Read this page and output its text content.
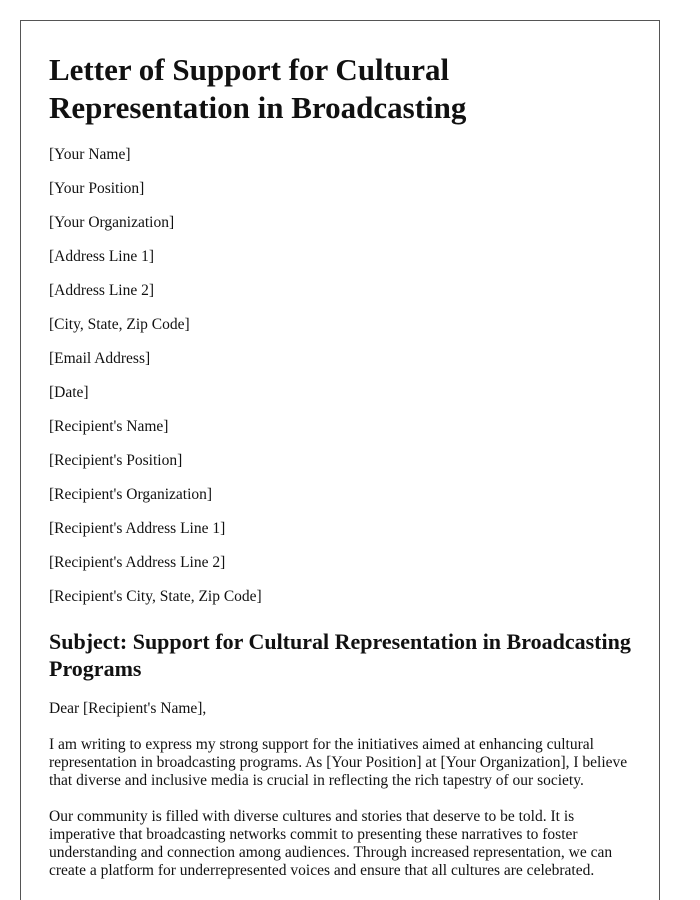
Letter of Support for Cultural Representation in Broadcasting
[Your Name]
[Your Position]
[Your Organization]
[Address Line 1]
[Address Line 2]
[City, State, Zip Code]
[Email Address]
[Date]
[Recipient's Name]
[Recipient's Position]
[Recipient's Organization]
[Recipient's Address Line 1]
[Recipient's Address Line 2]
[Recipient's City, State, Zip Code]
Subject: Support for Cultural Representation in Broadcasting Programs
Dear [Recipient's Name],
I am writing to express my strong support for the initiatives aimed at enhancing cultural representation in broadcasting programs. As [Your Position] at [Your Organization], I believe that diverse and inclusive media is crucial in reflecting the rich tapestry of our society.
Our community is filled with diverse cultures and stories that deserve to be told. It is imperative that broadcasting networks commit to presenting these narratives to foster understanding and connection among audiences. Through increased representation, we can create a platform for underrepresented voices and ensure that all cultures are celebrated.
